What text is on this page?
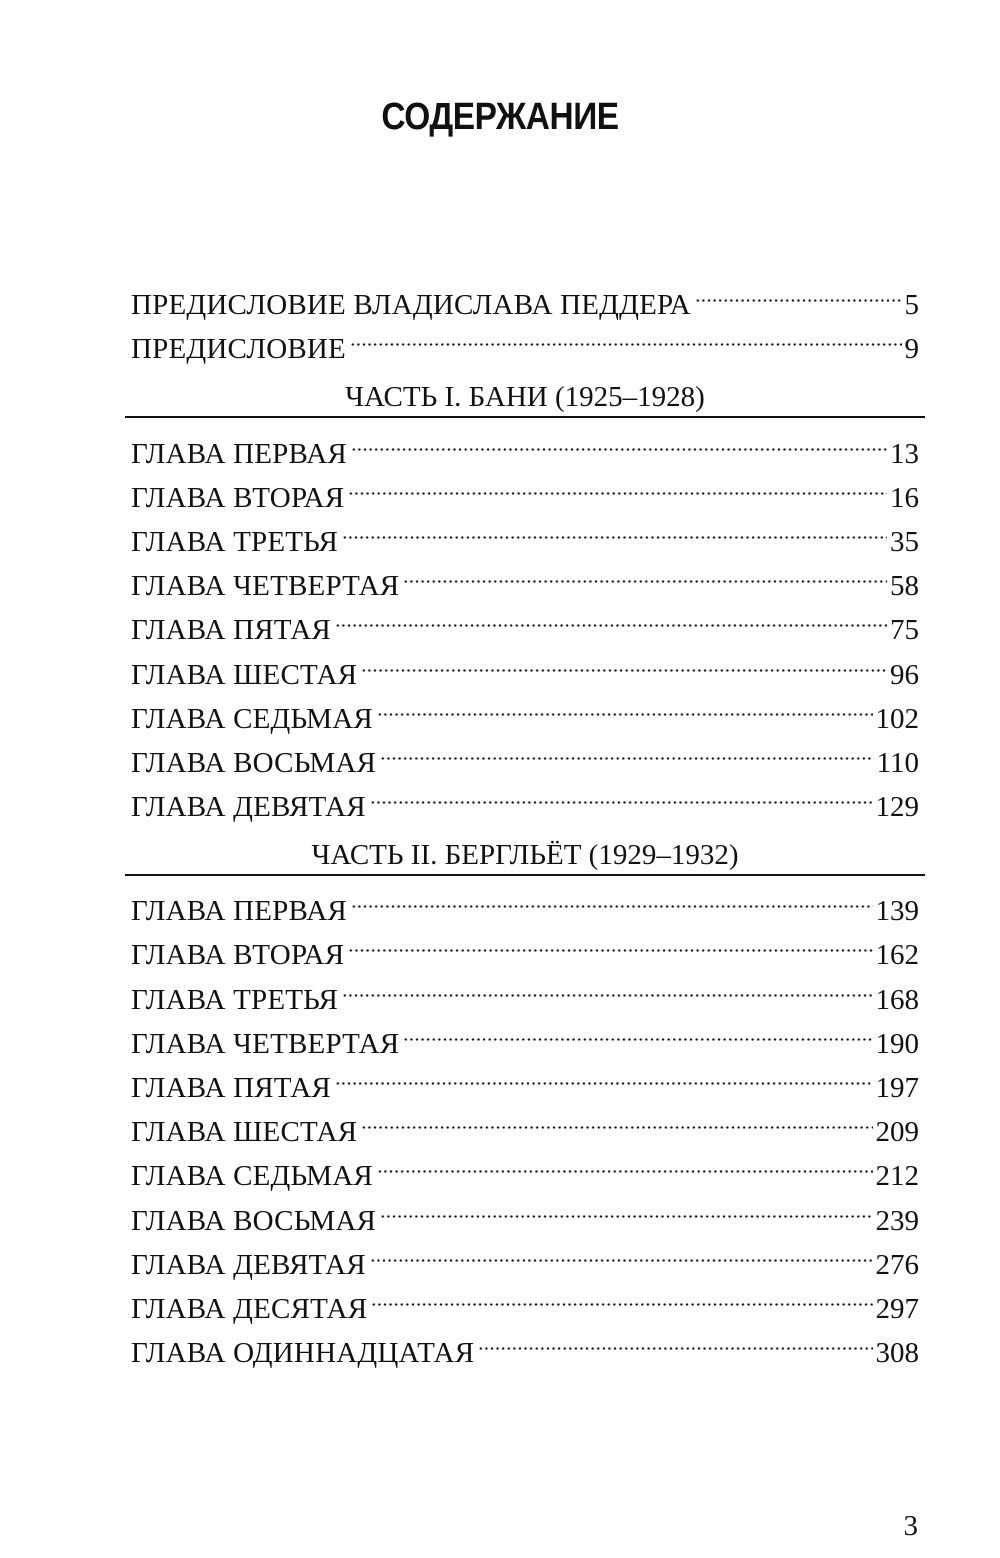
СОДЕРЖАНИЕ
ПРЕДИСЛОВИЕ ВЛАДИСЛАВА ПЕДДЕРА	5
ПРЕДИСЛОВИЕ	9
ЧАСТЬ I. БАНИ (1925–1928)
ГЛАВА ПЕРВАЯ	13
ГЛАВА ВТОРАЯ	16
ГЛАВА ТРЕТЬЯ	35
ГЛАВА ЧЕТВЕРТАЯ	58
ГЛАВА ПЯТАЯ	75
ГЛАВА ШЕСТАЯ	96
ГЛАВА СЕДЬМАЯ	102
ГЛАВА ВОСЬМАЯ	110
ГЛАВА ДЕВЯТАЯ	129
ЧАСТЬ II. БЕРГЛЬЁТ (1929–1932)
ГЛАВА ПЕРВАЯ	139
ГЛАВА ВТОРАЯ	162
ГЛАВА ТРЕТЬЯ	168
ГЛАВА ЧЕТВЕРТАЯ	190
ГЛАВА ПЯТАЯ	197
ГЛАВА ШЕСТАЯ	209
ГЛАВА СЕДЬМАЯ	212
ГЛАВА ВОСЬМАЯ	239
ГЛАВА ДЕВЯТАЯ	276
ГЛАВА ДЕСЯТАЯ	297
ГЛАВА ОДИННАДЦАТАЯ	308
3
